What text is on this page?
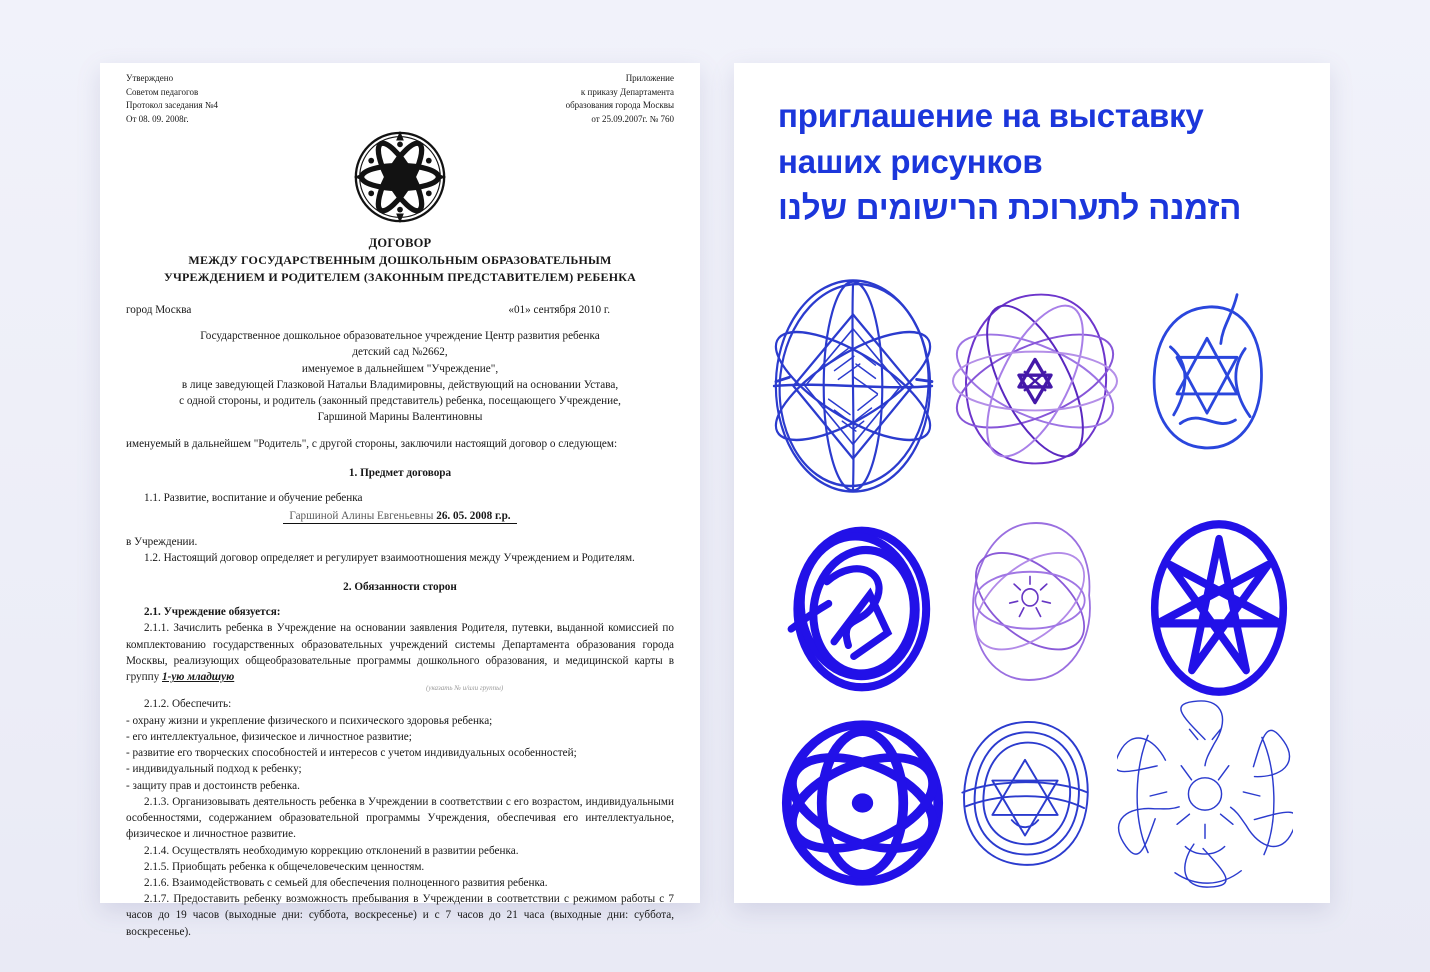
Утверждено
Советом педагогов
Протокол заседания №4
От 08. 09. 2008г.
Приложение
к приказу Департамента
образования города Москвы
от 25.09.2007г. № 760
ДОГОВОР
МЕЖДУ ГОСУДАРСТВЕННЫМ ДОШКОЛЬНЫМ ОБРАЗОВАТЕЛЬНЫМ
УЧРЕЖДЕНИЕМ И РОДИТЕЛЕМ (ЗАКОННЫМ ПРЕДСТАВИТЕЛЕМ) РЕБЕНКА
город Москва	«01» сентября 2010 г.
Государственное дошкольное образовательное учреждение Центр развития ребенка
детский сад №2662,
именуемое в дальнейшем "Учреждение",
в лице заведующей Глазковой Натальи Владимировны, действующий на основании Устава,
с одной стороны, и родитель (законный представитель) ребенка, посещающего Учреждение,
Гаршиной Марины Валентиновны
именуемый в дальнейшем "Родитель", с другой стороны, заключили настоящий договор о следующем:
1. Предмет договора
1.1. Развитие, воспитание и обучение ребенка
Гаршиной Алины Евгеньевны 26. 05. 2008 г.р.
в Учреждении.
1.2. Настоящий договор определяет и регулирует взаимоотношения между Учреждением и Родителям.
2. Обязанности сторон
2.1. Учреждение обязуется:
2.1.1. Зачислить ребенка в Учреждение на основании заявления Родителя, путевки, выданной комиссией по комплектованию государственных образовательных учреждений системы Департамента образования города Москвы, реализующих общеобразовательные программы дошкольного образования, и медицинской карты в группу 1-ую младшую
(указать № и/или группы)
2.1.2. Обеспечить:
- охрану жизни и укрепление физического и психического здоровья ребенка;
- его интеллектуальное, физическое и личностное развитие;
- развитие его творческих способностей и интересов с учетом индивидуальных особенностей;
- индивидуальный подход к ребенку;
- защиту прав и достоинств ребенка.
2.1.3. Организовывать деятельность ребенка в Учреждении в соответствии с его возрастом, индивидуальными особенностями, содержанием образовательной программы Учреждения, обеспечивая его интеллектуальное, физическое и личностное развитие.
2.1.4. Осуществлять необходимую коррекцию отклонений в развитии ребенка.
2.1.5. Приобщать ребенка к общечеловеческим ценностям.
2.1.6. Взаимодействовать с семьей для обеспечения полноценного развития ребенка.
2.1.7. Предоставить ребенку возможность пребывания в Учреждении в соответствии с режимом работы с 7 часов до 19 часов (выходные дни: суббота, воскресенье) и с 7 часов до 21 часа (выходные дни: суббота, воскресенье).
приглашение на выставку наших рисунков
הזמנה לתערוכת הרישומים שלנו
